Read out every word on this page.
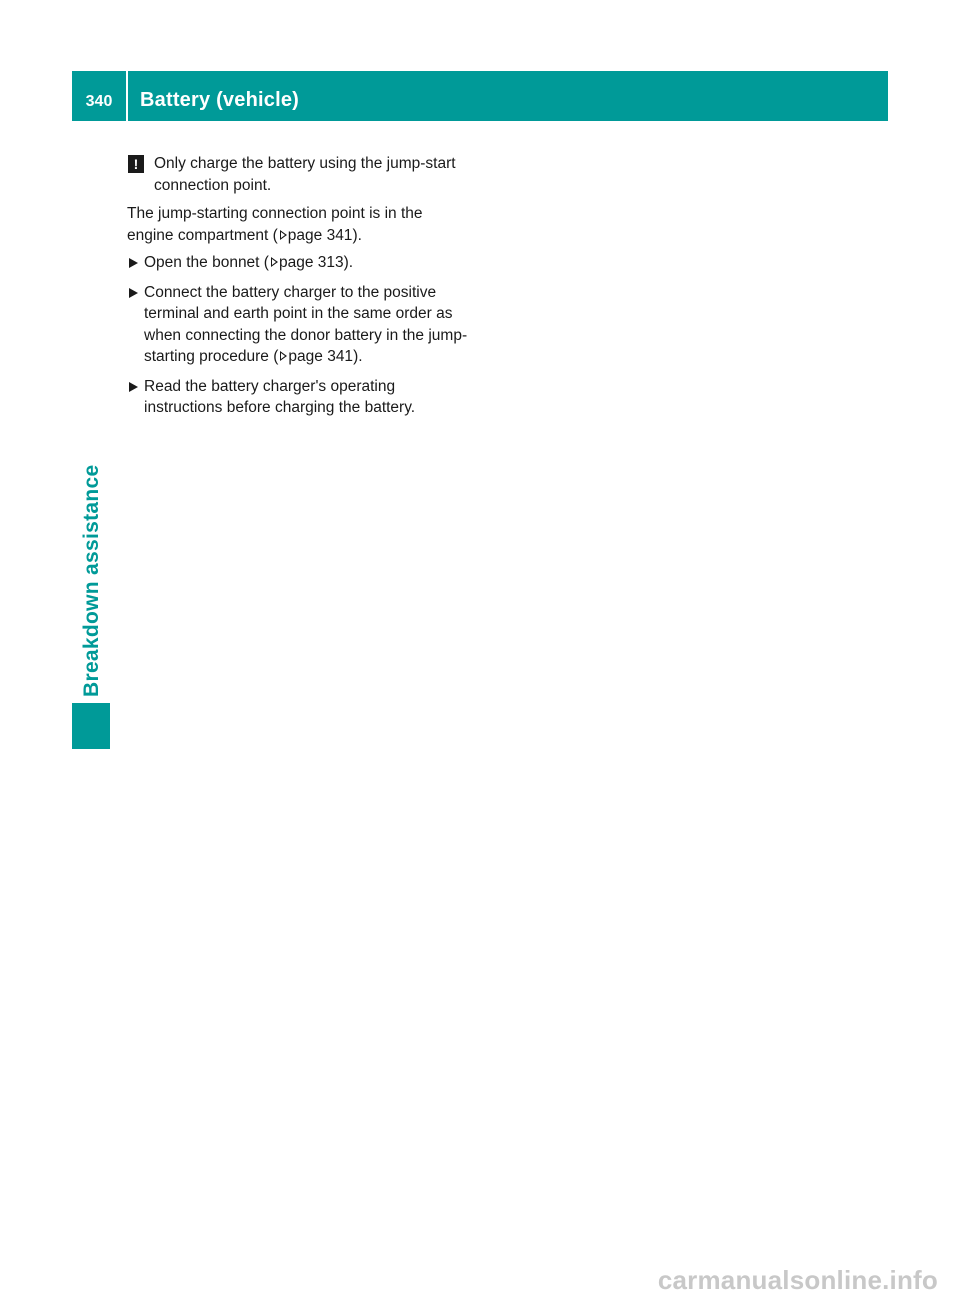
340	Battery (vehicle)
Breakdown assistance

!	Only charge the battery using the jump-start connection point.

The jump-starting connection point is in the engine compartment ( page 341).

Open the bonnet ( page 313).

Connect the battery charger to the positive terminal and earth point in the same order as when connecting the donor battery in the jump-starting procedure ( page 341).

Read the battery charger's operating instructions before charging the battery.

carmanualsonline.info
